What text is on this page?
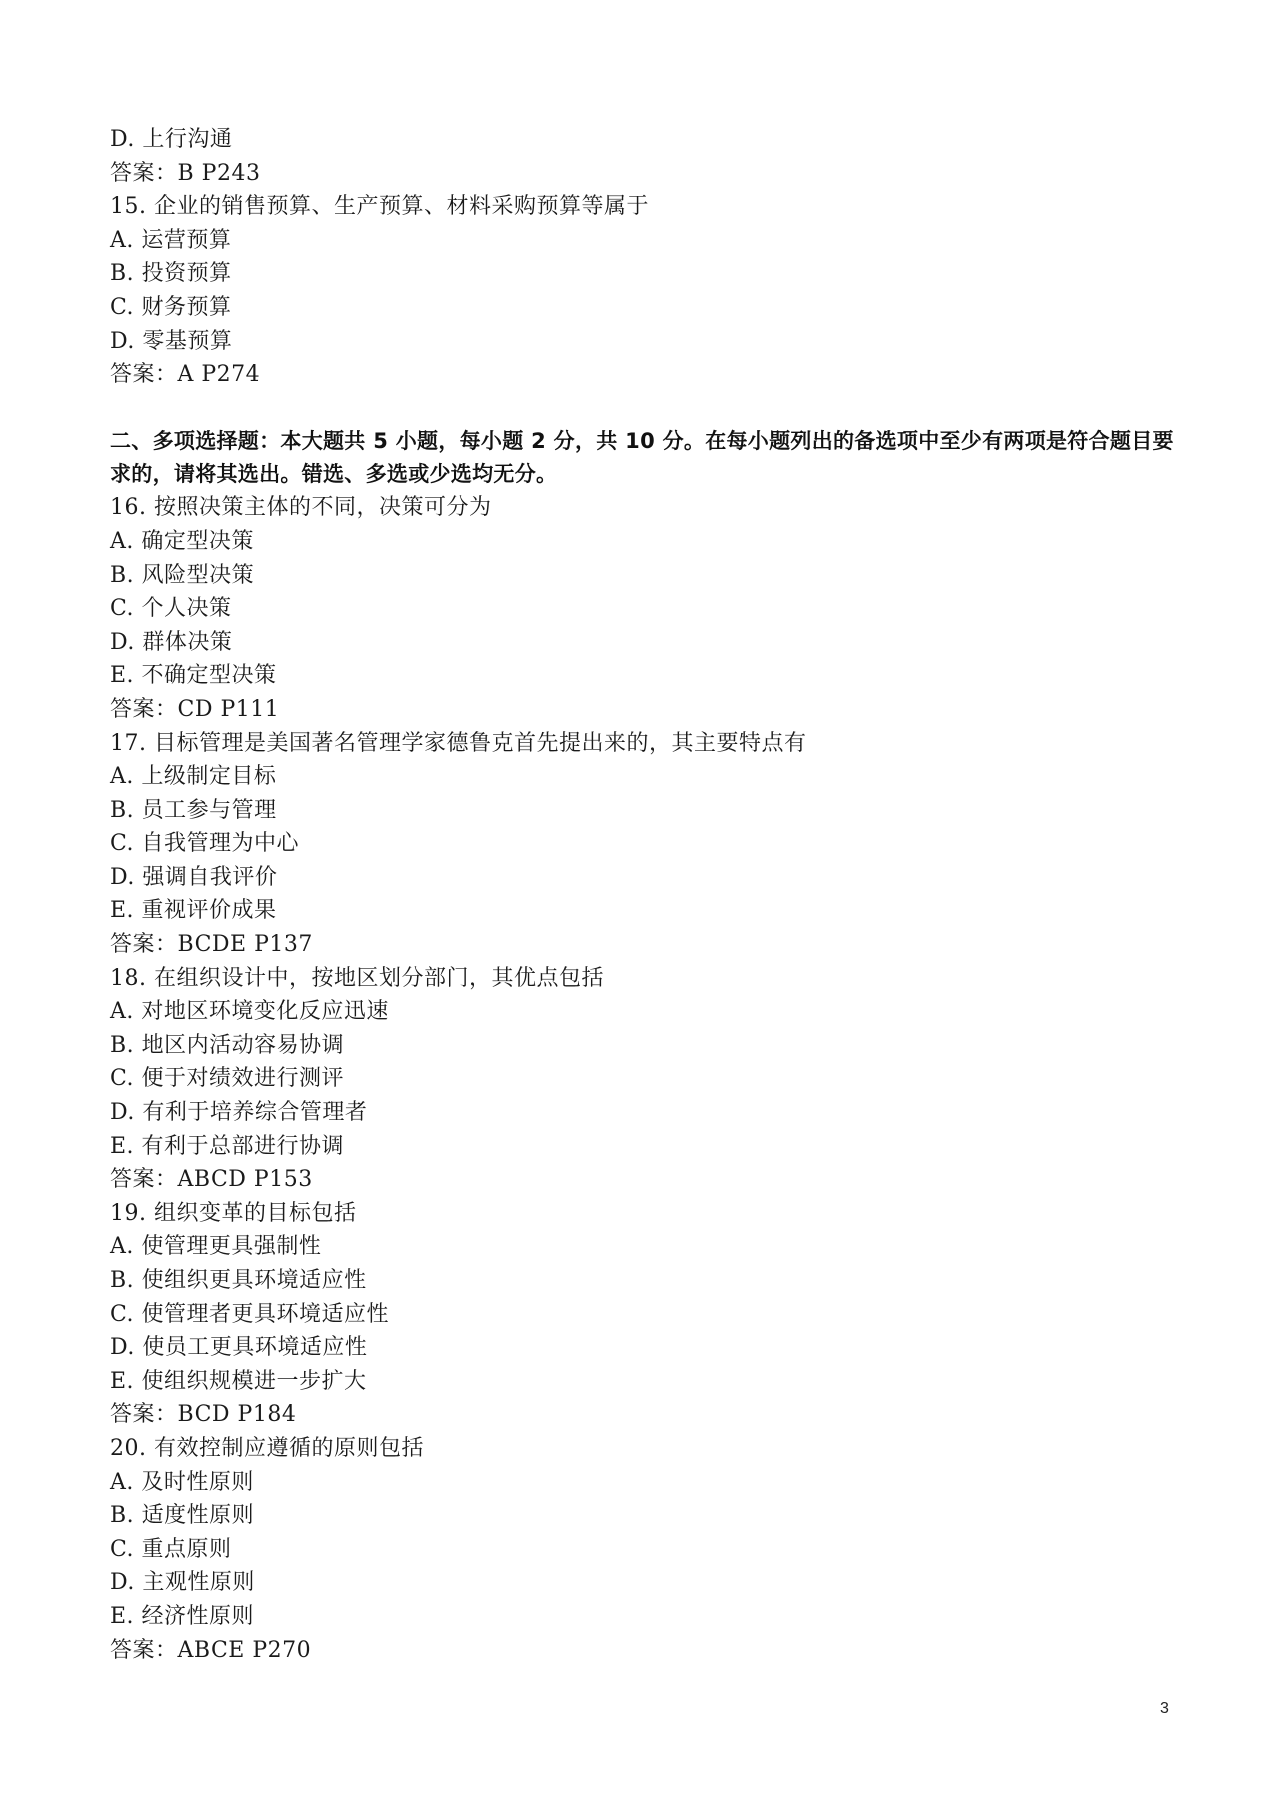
D. 上行沟通
答案：B P243
15. 企业的销售预算、生产预算、材料采购预算等属于
A. 运营预算
B. 投资预算
C. 财务预算
D. 零基预算
答案：A P274
二、多项选择题：本大题共 5 小题，每小题 2 分，共 10 分。在每小题列出的备选项中至少有两项是符合题目要求的，请将其选出。错选、多选或少选均无分。
16. 按照决策主体的不同，决策可分为
A. 确定型决策
B. 风险型决策
C. 个人决策
D. 群体决策
E. 不确定型决策
答案：CD P111
17. 目标管理是美国著名管理学家德鲁克首先提出来的，其主要特点有
A. 上级制定目标
B. 员工参与管理
C. 自我管理为中心
D. 强调自我评价
E. 重视评价成果
答案：BCDE P137
18. 在组织设计中，按地区划分部门，其优点包括
A. 对地区环境变化反应迅速
B. 地区内活动容易协调
C. 便于对绩效进行测评
D. 有利于培养综合管理者
E. 有利于总部进行协调
答案：ABCD P153
19. 组织变革的目标包括
A. 使管理更具强制性
B. 使组织更具环境适应性
C. 使管理者更具环境适应性
D. 使员工更具环境适应性
E. 使组织规模进一步扩大
答案：BCD P184
20. 有效控制应遵循的原则包括
A. 及时性原则
B. 适度性原则
C. 重点原则
D. 主观性原则
E. 经济性原则
答案：ABCE P270
3
